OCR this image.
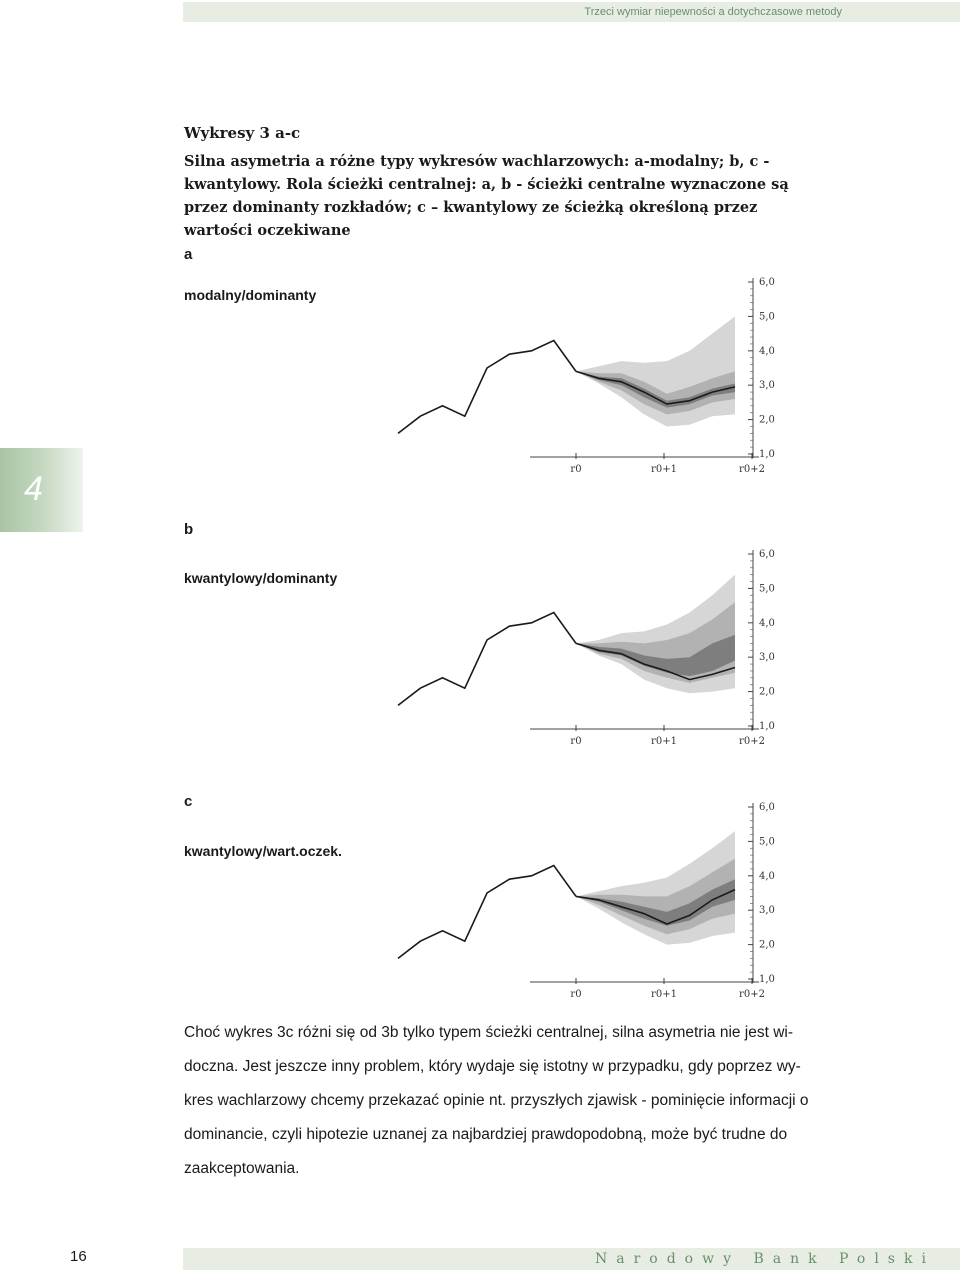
Trzeci wymiar niepewności a dotychczasowe metody
4
Wykresy 3 a-c
Silna asymetria a różne typy wykresów wachlarzowych: a-modalny; b, c - kwantylowy. Rola ścieżki centralnej: a, b - ścieżki centralne wyznaczone są przez dominanty rozkładów; c – kwantylowy ze ścieżką określoną przez wartości oczekiwane
a
modalny/dominanty
1,0
2,0
3,0
4,0
5,0
6,0
r0	r0+1	r0+2
b
kwantylowy/dominanty
1,0
2,0
3,0
4,0
5,0
6,0
r0	r0+1	r0+2
c
kwantylowy/wart.oczek.
1,0
2,0
3,0
4,0
5,0
6,0
r0	r0+1	r0+2

Choć wykres 3c różni się od 3b tylko typem ścieżki centralnej, silna asymetria nie jest wi-

doczna. Jest jeszcze inny problem, który wydaje się istotny w przypadku, gdy poprzez wy-

kres wachlarzowy chcemy przekazać opinie nt. przyszłych zjawisk - pominięcie informacji o

dominancie, czyli hipotezie uznanej za najbardziej prawdopodobną, może być trudne do

zaakceptowania.

16	Narodowy Bank Polski
